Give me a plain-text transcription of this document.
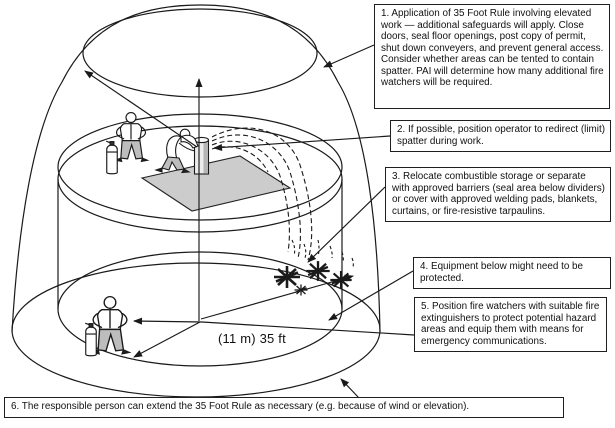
1. Application of 35 Foot Rule involving elevated work — additional safeguards will apply. Close doors, seal floor openings, post copy of permit, shut down conveyers, and prevent general access. Consider whether areas can be tented to contain spatter. PAI will determine how many additional fire watchers will be required.
2. If possible, position operator to redirect (limit) spatter during work.
3. Relocate combustible storage or separate with approved barriers (seal area below dividers) or cover with approved welding pads, blankets, curtains, or fire-resistive tarpaulins.
4. Equipment below might need to be protected.
5. Position fire watchers with suitable fire extinguishers to protect potential hazard areas and equip them with means for emergency communications.
6. The responsible person can extend the 35 Foot Rule as necessary (e.g. because of wind or elevation).
(11 m) 35 ft
